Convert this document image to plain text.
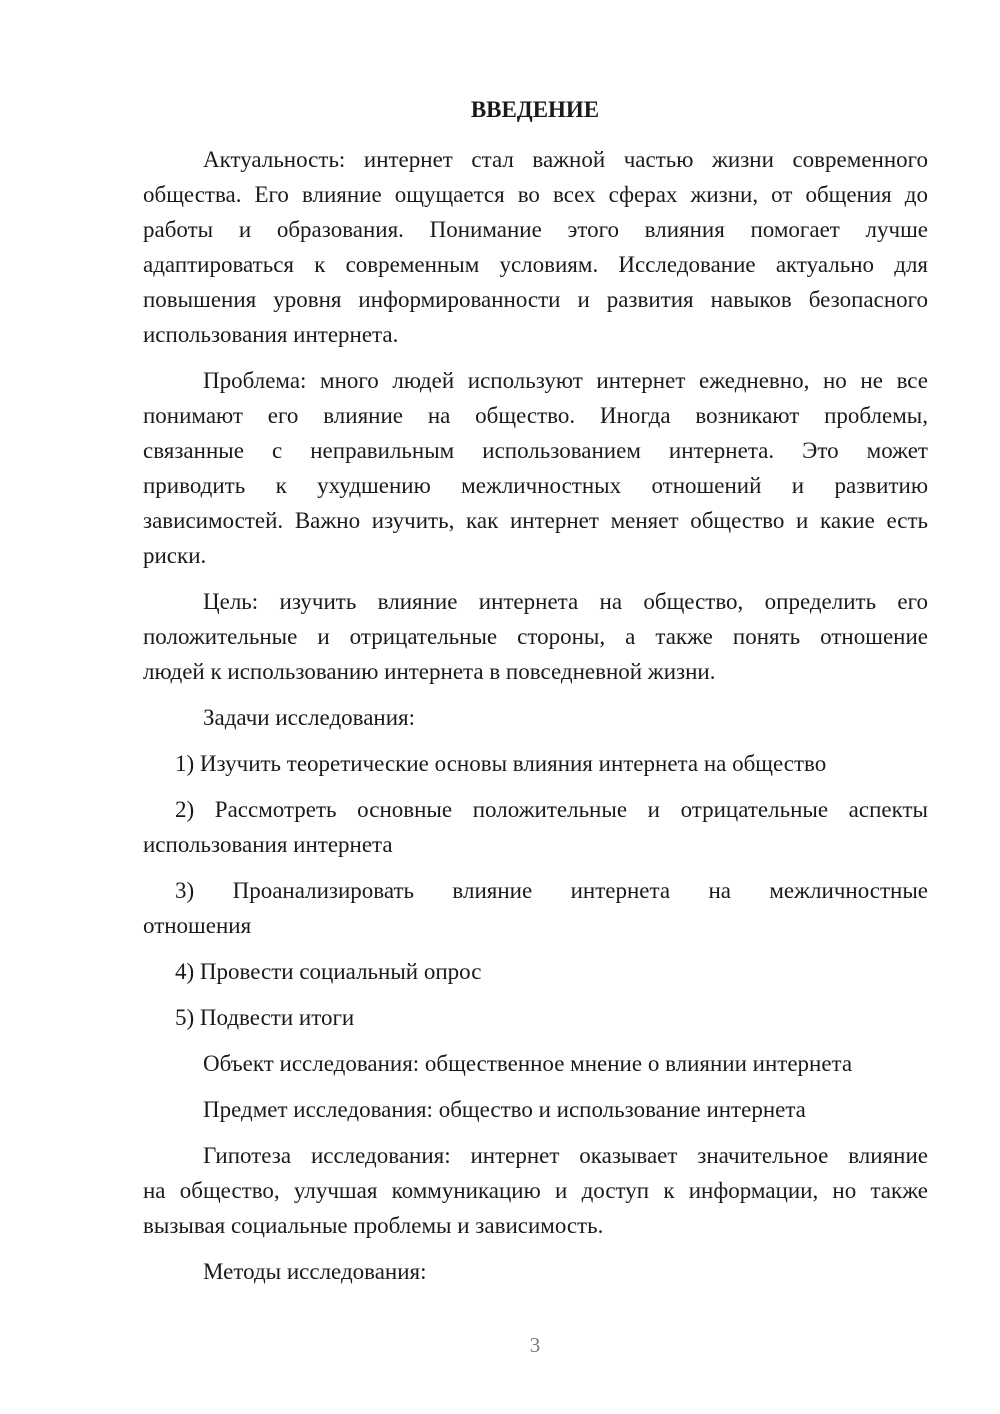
ВВЕДЕНИЕ
Актуальность: интернет стал важной частью жизни современного
общества. Его влияние ощущается во всех сферах жизни, от общения до
работы и образования. Понимание этого влияния помогает лучше
адаптироваться к современным условиям. Исследование актуально для
повышения уровня информированности и развития навыков безопасного
использования интернета.
Проблема: много людей используют интернет ежедневно, но не все
понимают его влияние на общество. Иногда возникают проблемы,
связанные с неправильным использованием интернета. Это может
приводить к ухудшению межличностных отношений и развитию
зависимостей. Важно изучить, как интернет меняет общество и какие есть
риски.
Цель: изучить влияние интернета на общество, определить его
положительные и отрицательные стороны, а также понять отношение
людей к использованию интернета в повседневной жизни.
Задачи исследования:
1) Изучить теоретические основы влияния интернета на общество
2) Рассмотреть основные положительные и отрицательные аспекты
использования интернета
3) Проанализировать влияние интернета на межличностные
отношения
4) Провести социальный опрос
5) Подвести итоги
Объект исследования: общественное мнение о влиянии интернета
Предмет исследования: общество и использование интернета
Гипотеза исследования: интернет оказывает значительное влияние
на общество, улучшая коммуникацию и доступ к информации, но также
вызывая социальные проблемы и зависимость.
Методы исследования:
3
